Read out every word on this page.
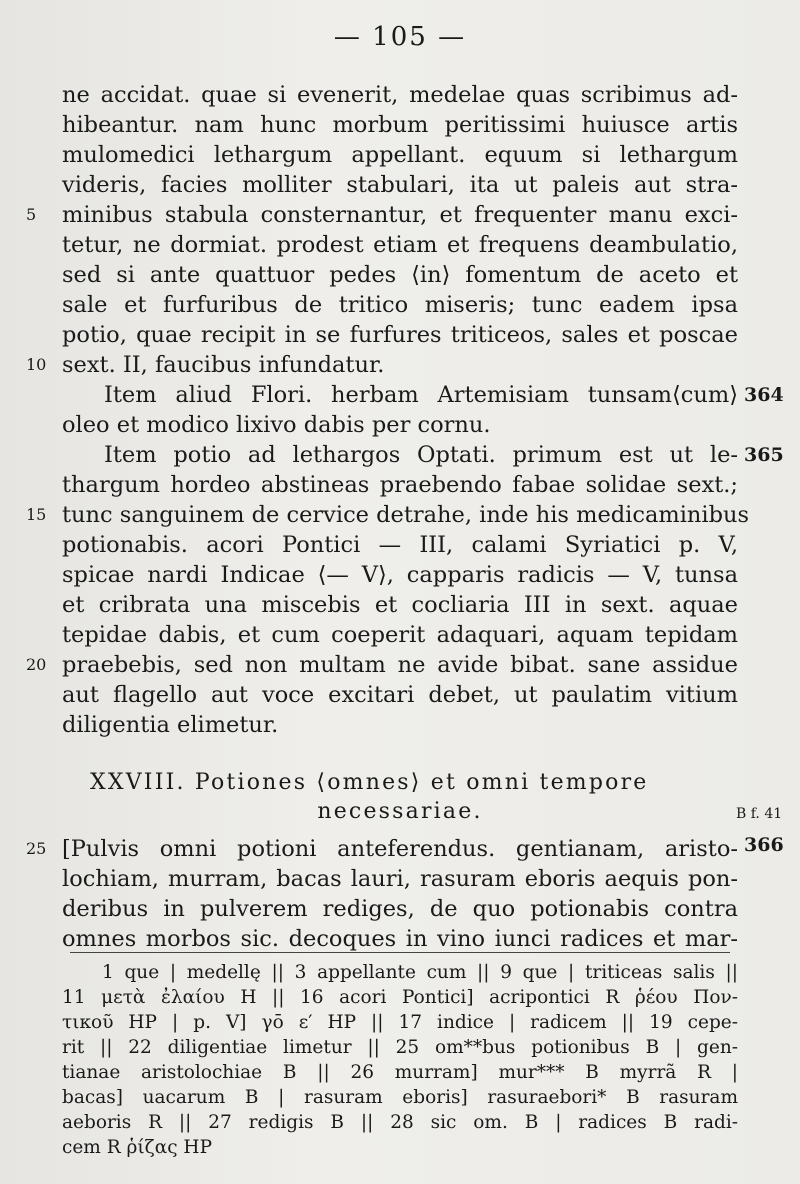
— 105 —
ne accidat. quae si evenerit, medelae quas scribimus ad-
hibeantur. nam hunc morbum peritissimi huiusce artis
mulomedici lethargum appellant. equum si lethargum
videris, facies molliter stabulari, ita ut paleis aut stra-
5	minibus stabula consternantur, et frequenter manu exci-
tetur, ne dormiat. prodest etiam et frequens deambulatio,
sed si ante quattuor pedes ⟨in⟩ fomentum de aceto et
sale et furfuribus de tritico miseris; tunc eadem ipsa
potio, quae recipit in se furfures triticeos, sales et poscae
10 sext. II, faucibus infundatur.
Item aliud Flori. herbam Artemisiam tunsam⟨cum⟩ 364
oleo et modico lixivo dabis per cornu.
Item potio ad lethargos Optati. primum est ut le- 365
thargum hordeo abstineas praebendo fabae solidae sext.;
15 tunc sanguinem de cervice detrahe, inde his medicaminibus
potionabis. acori Pontici — III, calami Syriatici p. V,
spicae nardi Indicae ⟨— V⟩, capparis radicis — V, tunsa
et cribrata una miscebis et cocliaria III in sext. aquae
tepidae dabis, et cum coeperit adaquari, aquam tepidam
20 praebebis, sed non multam ne avide bibat. sane assidue
aut flagello aut voce excitari debet, ut paulatim vitium
diligentia elimetur.
XXVIII. Potiones ⟨omnes⟩ et omni tempore
necessariae.	B f. 41
25 [Pulvis omni potioni anteferendus. gentianam, aristo- 366
lochiam, murram, bacas lauri, rasuram eboris aequis pon-
deribus in pulverem rediges, de quo potionabis contra
omnes morbos sic. decoques in vino iunci radices et mar-
1 que | medellę || 3 appellante cum || 9 que | triticeas salis ||
11 μετὰ ἐλαίου H || 16 acori Pontici] acripontici R ῥέου Πον-
τικοῦ HP | p. V] γō ε′ HP || 17 indice | radicem || 19 cepe-
rit || 22 diligentiae limetur || 25 om**bus potionibus B | gen-
tianae aristolochiae B || 26 murram] mur*** B myrrã R |
bacas] uacarum B | rasuram eboris] rasuraebori* B rasuram
aeboris R || 27 redigis B || 28 sic om. B | radices B radi-
cem R ῥίζας HP
